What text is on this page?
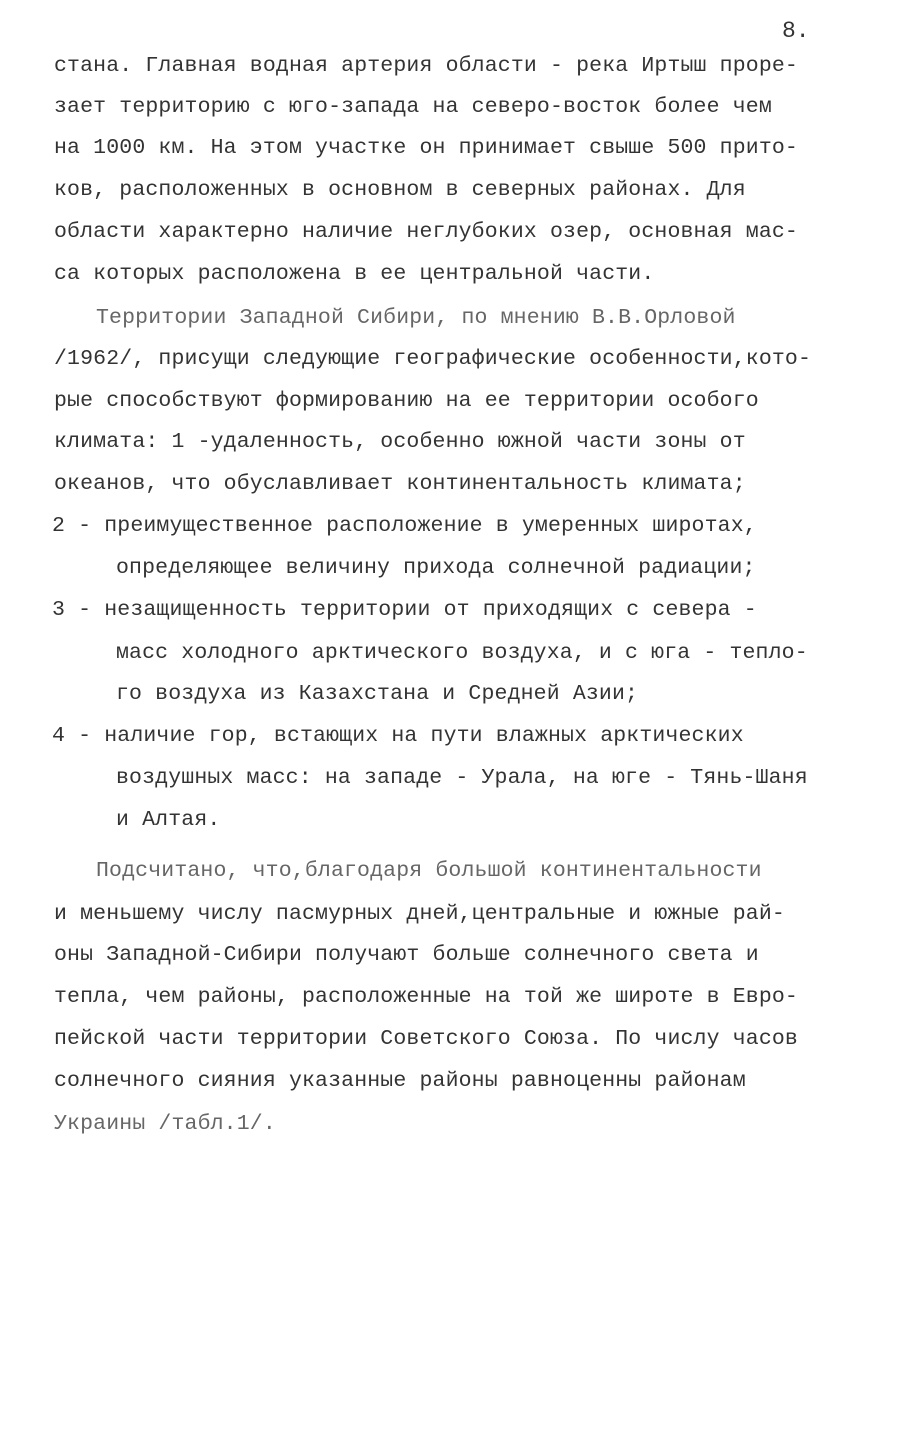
8.
стана. Главная водная артерия области - река Иртыш проре-
зает территорию с юго-запада на северо-восток более чем
на 1000 км. На этом участке он принимает свыше 500 прито-
ков, расположенных в основном в северных районах. Для
области характерно наличие неглубоких озер, основная мас-
са которых расположена в ее центральной части.
Территории Западной Сибири, по мнению В.В.Орловой
/1962/, присущи следующие географические особенности,кото-
рые способствуют формированию на ее территории особого
климата: 1 -удаленность, особенно южной части зоны от
океанов, что обуславливает континентальность климата;
2 - преимущественное расположение в умеренных широтах,
определяющее величину прихода солнечной радиации;
3 - незащищенность территории от приходящих с севера -
масс холодного арктического воздуха, и с юга - тепло-
го воздуха из Казахстана и Средней Азии;
4 - наличие гор, встающих на пути влажных арктических
воздушных масс: на западе - Урала, на юге - Тянь-Шаня
и Алтая.
Подсчитано, что,благодаря большой континентальности
и меньшему числу пасмурных дней,центральные и южные рай-
оны Западной-Сибири получают больше солнечного света и
тепла, чем районы, расположенные на той же широте в Евро-
пейской части территории Советского Союза. По числу часов
солнечного сияния указанные районы равноценны районам
Украины /табл.1/.
